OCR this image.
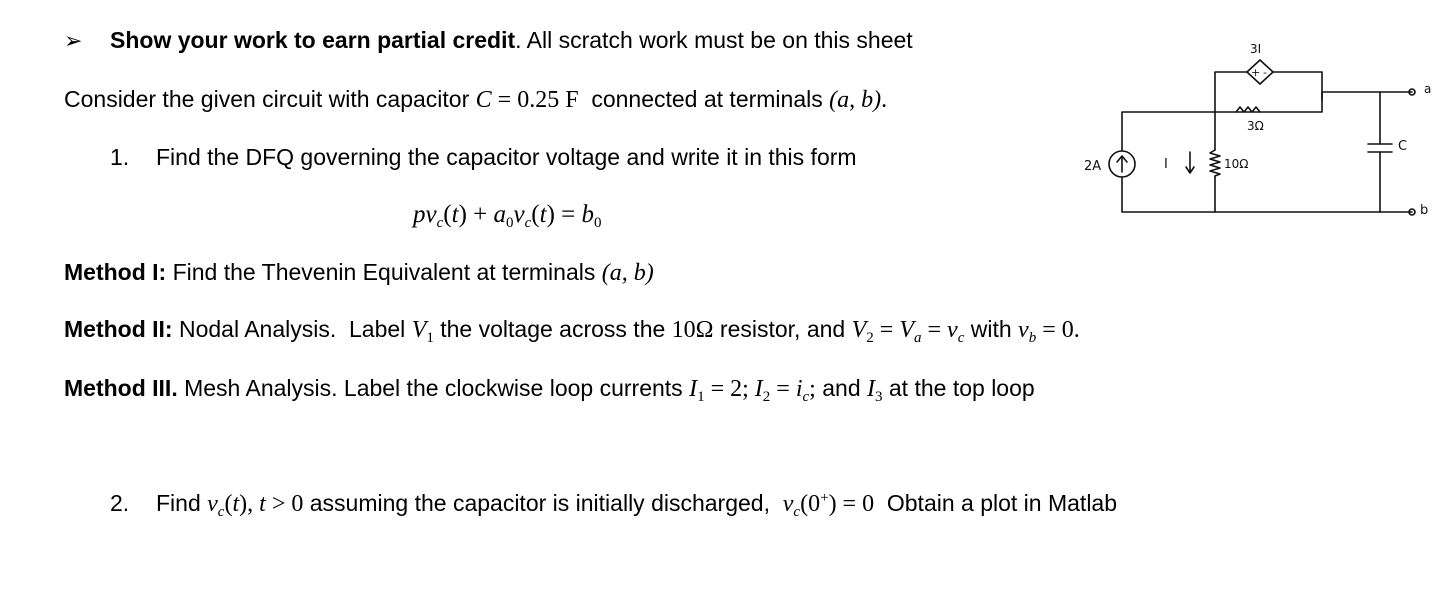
➢ Show your work to earn partial credit. All scratch work must be on this sheet
Consider the given circuit with capacitor C = 0.25 F  connected at terminals (a, b).
1. Find the DFQ governing the capacitor voltage and write it in this form
$pv_c(t) + a_0v_c(t) = b_0$
Method I: Find the Thevenin Equivalent at terminals (a, b)
Method II: Nodal Analysis.  Label $V_1$ the voltage across the 10Ω resistor, and $V_2 = V_a = v_c$ with $v_b = 0$.
Method III. Mesh Analysis. Label the clockwise loop currents $I_1 = 2$; $I_2 = i_c$; and $I_3$ at the top loop
2. Find $v_c(t)$, t > 0 assuming the capacitor is initially discharged,  $v_c(0^+) = 0$  Obtain a plot in Matlab
+ -
3I
3Ω
2A	10Ω
I
C
a
b
